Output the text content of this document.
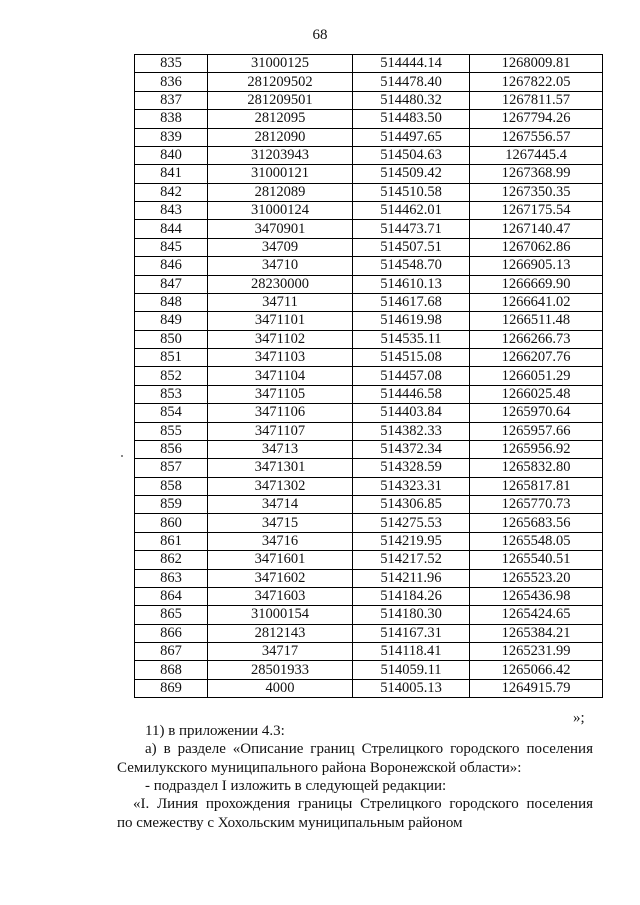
68
835	31000125	514444.14	1268009.81
836	281209502	514478.40	1267822.05
837	281209501	514480.32	1267811.57
838	2812095	514483.50	1267794.26
839	2812090	514497.65	1267556.57
840	31203943	514504.63	1267445.4
841	31000121	514509.42	1267368.99
842	2812089	514510.58	1267350.35
843	31000124	514462.01	1267175.54
844	3470901	514473.71	1267140.47
845	34709	514507.51	1267062.86
846	34710	514548.70	1266905.13
847	28230000	514610.13	1266669.90
848	34711	514617.68	1266641.02
849	3471101	514619.98	1266511.48
850	3471102	514535.11	1266266.73
851	3471103	514515.08	1266207.76
852	3471104	514457.08	1266051.29
853	3471105	514446.58	1266025.48
854	3471106	514403.84	1265970.64
855	3471107	514382.33	1265957.66
856	34713	514372.34	1265956.92
857	3471301	514328.59	1265832.80
858	3471302	514323.31	1265817.81
859	34714	514306.85	1265770.73
860	34715	514275.53	1265683.56
861	34716	514219.95	1265548.05
862	3471601	514217.52	1265540.51
863	3471602	514211.96	1265523.20
864	3471603	514184.26	1265436.98
865	31000154	514180.30	1265424.65
866	2812143	514167.31	1265384.21
867	34717	514118.41	1265231.99
868	28501933	514059.11	1265066.42
869	4000	514005.13	1264915.79
»;
11) в приложении 4.3:
а) в разделе «Описание границ Стрелицкого городского поселения
Семилукского муниципального района Воронежской области»:
- подраздел I изложить в следующей редакции:
«I. Линия прохождения границы Стрелицкого городского поселения
по смежеству с Хохольским муниципальным районом
